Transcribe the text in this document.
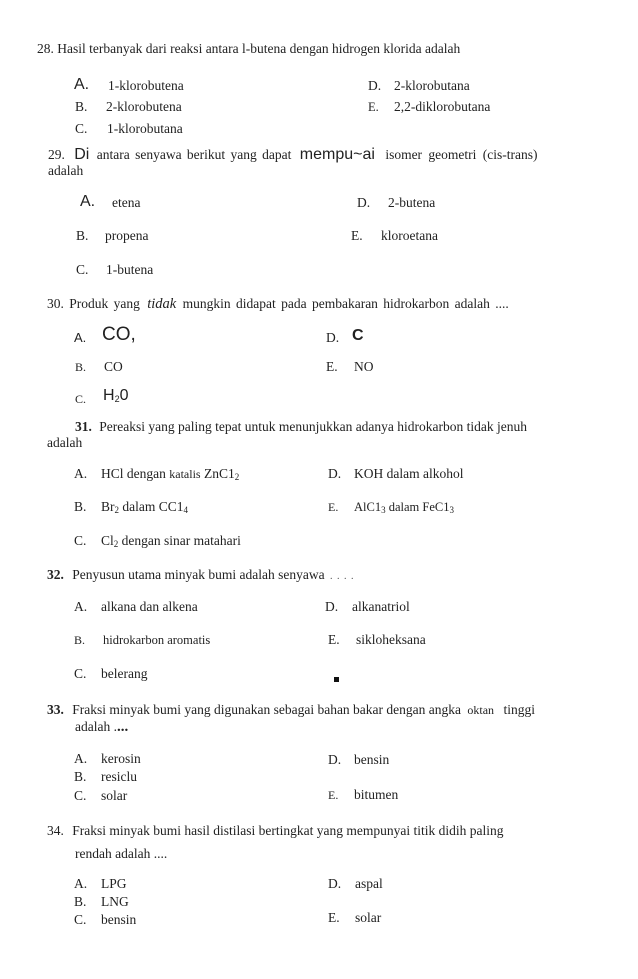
28. Hasil terbanyak dari reaksi antara l-butena dengan hidrogen klorida adalah
A. 1-klorobutena
B. 2-klorobutena
C. 1-klorobutana
D. 2-klorobutana
E. 2,2-diklorobutana
29. Di antara senyawa berikut yang dapat mempu~ai isomer geometri (cis-trans)
adalah
A. etena
B. propena
C. 1-butena
D. 2-butena
E. kloroetana
30. Produk yang tidak mungkin didapat pada pembakaran hidrokarbon adalah ....
A. CO,
B. CO
C. $H_20$
D. C
E. NO
31. Pereaksi yang paling tepat untuk menunjukkan adanya hidrokarbon tidak jenuh
adalah
A. HCl dengan katalis $ZnC1_2$
B. $Br_2$ dalam $CC1_4$
C. $Cl_2$ dengan sinar matahari
D. KOH dalam alkohol
E. $AlC1_3$ dalam $FeC1_3$
32. Penyusun utama minyak bumi adalah senyawa . . . .
A. alkana dan alkena
B. hidrokarbon aromatis
C. belerang
D. alkanatriol
E. sikloheksana
33. Fraksi minyak bumi yang digunakan sebagai bahan bakar dengan angka oktan tinggi
adalah ....
A. kerosin
B. resiclu
C. solar
D. bensin
E. bitumen
34. Fraksi minyak bumi hasil distilasi bertingkat yang mempunyai titik didih paling
rendah adalah ....
A. LPG
B. LNG
C. bensin
D. aspal
E. solar
